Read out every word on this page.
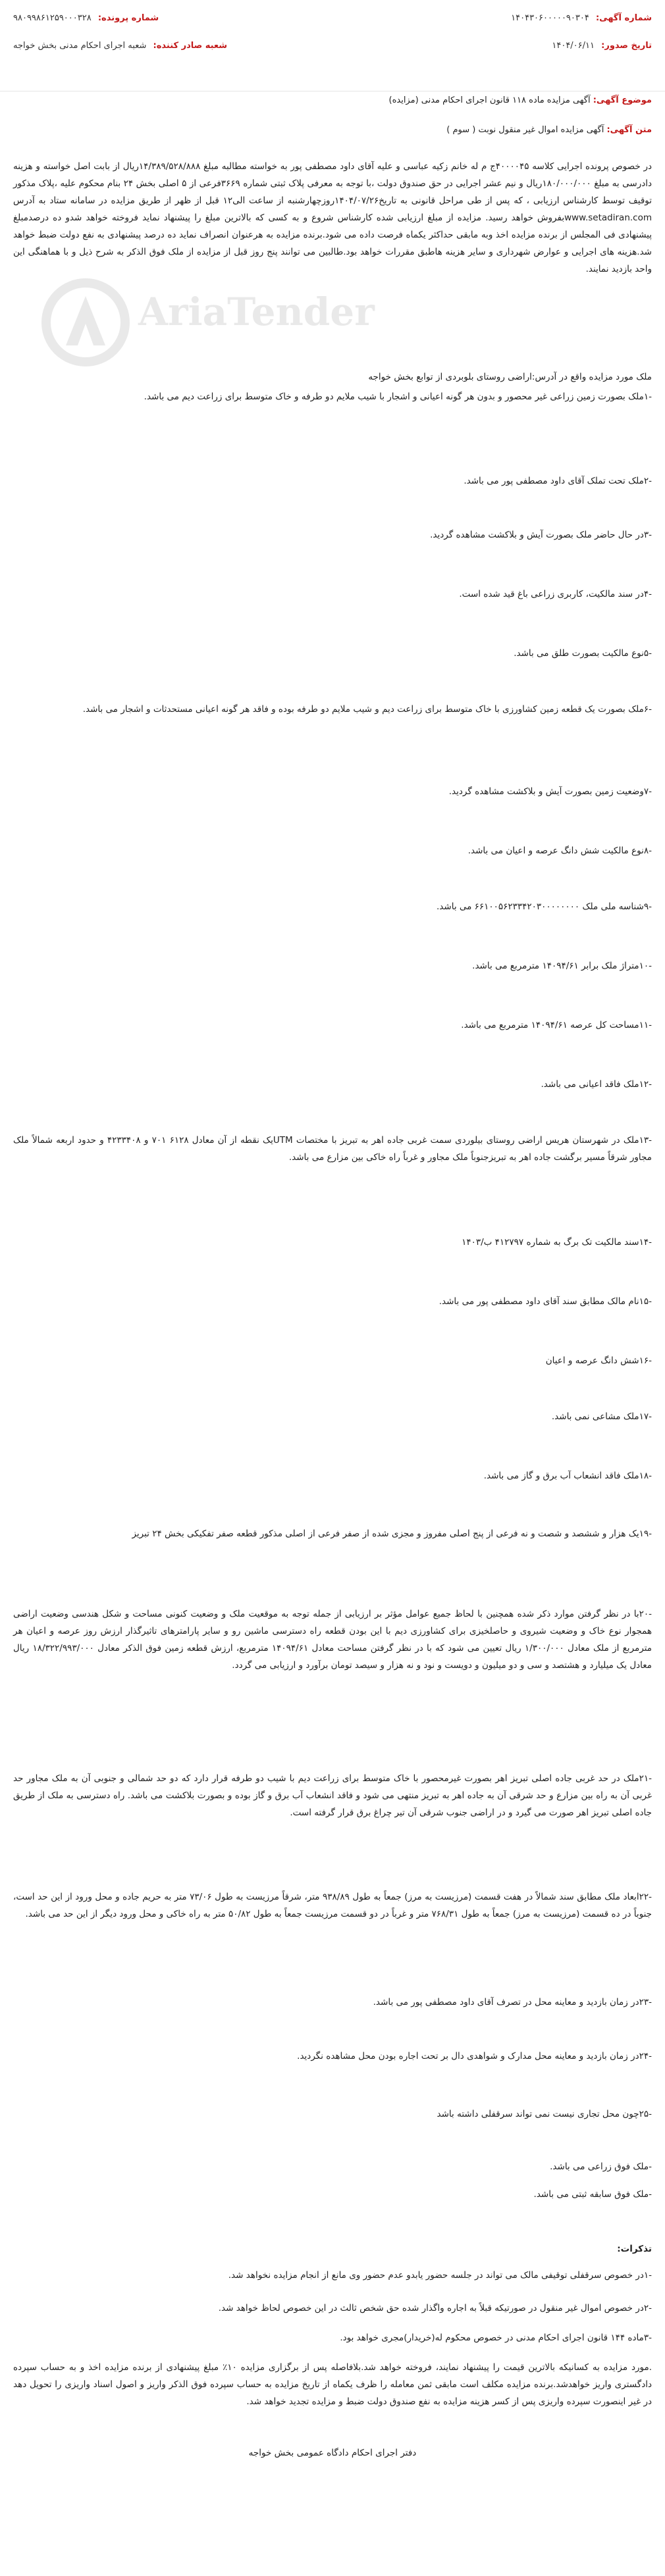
شماره آگهی: ۱۴۰۴۳۰۶۰۰۰۰۰۹۰۳۰۴
شماره پرونده: ۹۸۰۹۹۸۶۱۲۵۹۰۰۰۳۲۸
تاریخ صدور: ۱۴۰۴/۰۶/۱۱
شعبه صادر کننده: شعبه اجرای احکام مدنی بخش خواجه
موضوع آگهی: آگهی مزایده ماده ۱۱۸ قانون اجرای احکام مدنی (مزایده)
متن آگهی: آگهی مزایده اموال غیر منقول نوبت ( سوم )
AriaTender
در خصوص پرونده اجرایی کلاسه ۴۰۰۰۰۴۵ج م له خانم زکیه عباسی و علیه آقای داود مصطفی پور به خواسته مطالبه مبلغ ۱۴/۳۸۹/۵۲۸/۸۸۸ریال از بابت اصل خواسته و هزینه دادرسی به مبلغ ۱۸۰/۰۰۰/۰۰۰ریال و نیم عشر اجرایی در حق صندوق دولت ،با توجه به معرفی پلاک ثبتی شماره ۳۶۶۹فرعی از ۵ اصلی بخش ۲۴ بنام محکوم علیه ،پلاک مذکور توقیف توسط کارشناس ارزیابی ، که پس از طی مراحل قانونی به تاریخ۱۴۰۴/۰۷/۲۶روزچهارشنبه از ساعت الی۱۲ قبل از ظهر از طریق مزایده در سامانه ستاد به آدرس www.setadiran.comبفروش خواهد رسید. مزایده از مبلغ ارزیابی شده کارشناس شروع و به کسی که بالاترین مبلغ را پیشنهاد نماید فروخته خواهد شدو ده درصدمبلغ پیشنهادی فی المجلس از برنده مزایده اخذ وبه مابقی حداکثر یکماه فرصت داده می شود.برنده مزایده به هرعنوان انصراف نماید ده درصد پیشنهادی به نفع دولت ضبط خواهد شد.هزینه های اجرایی و عوارض شهرداری و سایر هزینه هاطبق مقررات خواهد بود.طالبین می توانند پنج روز قبل از مزایده از ملک فوق الذکر به شرح ذیل و با هماهنگی این واحد بازدید نمایند.
ملک مورد مزایده واقع در آدرس:اراضی روستای بلوبردی از توابع بخش خواجه
-۱ملک بصورت زمین زراعی غیر محصور و بدون هر گونه اعیانی و اشجار با شیب ملایم دو طرفه و خاک متوسط برای زراعت دیم می باشد.
-۲ملک تحت تملک آقای داود مصطفی پور می باشد.
-۳در حال حاضر ملک بصورت آیش و بلاکشت مشاهده گردید.
-۴در سند مالکیت، کاربری زراعی باغ قید شده است.
-۵نوع مالکیت بصورت طلق می باشد.
-۶ملک بصورت یک قطعه زمین کشاورزی با خاک متوسط برای زراعت دیم و شیب ملایم دو طرفه بوده و فاقد هر گونه اعیانی مستحدثات و اشجار می باشد.
-۷وضعیت زمین بصورت آیش و بلاکشت مشاهده گردید.
-۸نوع مالکیت شش دانگ عرصه و اعیان می باشد.
-۹شناسه ملی ملک ۶۶۱۰۰۵۶۲۳۳۴۲۰۳۰۰۰۰۰۰۰۰ می باشد.
-۱۰متراژ ملک برابر ۱۴۰۹۴/۶۱ مترمربع می باشد.
-۱۱مساحت کل عرصه ۱۴۰۹۴/۶۱ مترمربع می باشد.
-۱۲ملک فاقد اعیانی می باشد.
-۱۳ملک در شهرستان هریس اراضی روستای بیلوردی سمت غربی جاده اهر به تبریز با مختصات UTMیک نقطه از آن معادل ۶۱۲۸ ۷۰۱ و ۴۲۳۳۴۰۸ و حدود اربعه شمالاً ملک مجاور شرقاً مسیر برگشت جاده اهر به تبریزجنوباً ملک مجاور و غرباً راه خاکی بین مزارع می باشد.
-۱۴سند مالکیت تک برگ به شماره ۴۱۲۷۹۷ ب/۱۴۰۳
-۱۵نام مالک مطابق سند آقای داود مصطفی پور می باشد.
-۱۶شش دانگ عرصه و اعیان
-۱۷ملک مشاعی نمی باشد.
-۱۸ملک فاقد انشعاب آب برق و گاز می باشد.
-۱۹یک هزار و ششصد و شصت و نه فرعی از پنج اصلی مفروز و مجزی شده از صفر فرعی از اصلی مذکور قطعه صفر تفکیکی بخش ۲۴ تبریز
-۲۰با در نظر گرفتن موارد ذکر شده همچنین با لحاظ جمیع عوامل مؤثر بر ارزیابی از جمله توجه به موقعیت ملک و وضعیت کنونی مساحت و شکل هندسی وضعیت اراضی همجوار نوع خاک و وضعیت شیروی و حاصلخیزی برای کشاورزی دیم با این بودن قطعه راه دسترسی ماشین رو و سایر پارامترهای تاثیرگذار ارزش روز عرصه و اعیان هر مترمربع از ملک معادل ۱/۳۰۰/۰۰۰ ریال تعیین می شود که با در نظر گرفتن مساحت معادل ۱۴۰۹۴/۶۱ مترمربع، ارزش قطعه زمین فوق الذکر معادل ۱۸/۳۲۲/۹۹۳/۰۰۰ ریال معادل یک میلیارد و هشتصد و سی و دو میلیون و دویست و نود و نه هزار و سیصد تومان برآورد و ارزیابی می گردد.
-۲۱ملک در حد غربی جاده اصلی تبریز اهر بصورت غیرمحصور با خاک متوسط برای زراعت دیم با شیب دو طرفه قرار دارد که دو حد شمالی و جنوبی آن به ملک مجاور حد غربی آن به راه بین مزارع و حد شرقی آن به جاده اهر به تبریز منتهی می شود و فاقد انشعاب آب برق و گاز بوده و بصورت بلاکشت می باشد. راه دسترسی به ملک از طریق جاده اصلی تبریز اهر صورت می گیرد و در اراضی جنوب شرقی آن تیر چراغ برق قرار گرفته است.
-۲۲ابعاد ملک مطابق سند شمالاً در هفت قسمت (مرزیست به مرز) جمعاً به طول ۹۳۸/۸۹ متر، شرقاً مرزیست به طول ۷۳/۰۶ متر به حریم جاده و محل ورود از این حد است، جنوباً در ده قسمت (مرزیست به مرز) جمعاً به طول ۷۶۸/۳۱ متر و غرباً در دو قسمت مرزیست جمعاً به طول ۵۰/۸۲ متر به راه خاکی و محل ورود دیگر از این حد می باشد.
-۲۳در زمان بازدید و معاینه محل در تصرف آقای داود مصطفی پور می باشد.
-۲۴در زمان بازدید و معاینه محل مدارک و شواهدی دال بر تحت اجاره بودن محل مشاهده نگردید.
-۲۵چون محل تجاری نیست نمی تواند سرقفلی داشته باشد
-ملک فوق زراعی می باشد.
-ملک فوق سابقه ثبتی می باشد.
تذکرات:
-۱در خصوص سرقفلی توقیفی مالک می تواند در جلسه حضور یابدو عدم حضور وی مانع از انجام مزایده نخواهد شد.
-۲در خصوص اموال غیر منقول در صورتیکه قبلاً به اجاره واگذار شده حق شخص ثالث در این خصوص لحاظ خواهد شد.
-۳ماده ۱۴۴ قانون اجرای احکام مدنی در خصوص محکوم له(خریدار)مجری خواهد بود.
.مورد مزایده به کسانیکه بالاترین قیمت را پیشنهاد نمایند، فروخته خواهد شد.بلافاصله پس از برگزاری مزایده ۱۰٪ مبلغ پیشنهادی از برنده مزایده اخذ و به حساب سپرده دادگستری واریز خواهدشد.برنده مزایده مکلف است مابقی ثمن معامله را ظرف یکماه از تاریخ مزایده به حساب سپرده فوق الذکر واریز و اصول اسناد واریزی را تحویل دهد در غیر اینصورت سپرده واریزی پس از کسر هزینه مزایده به نفع صندوق دولت ضبط و مزایده تجدید خواهد شد.
دفتر اجرای احکام دادگاه عمومی بخش خواجه
